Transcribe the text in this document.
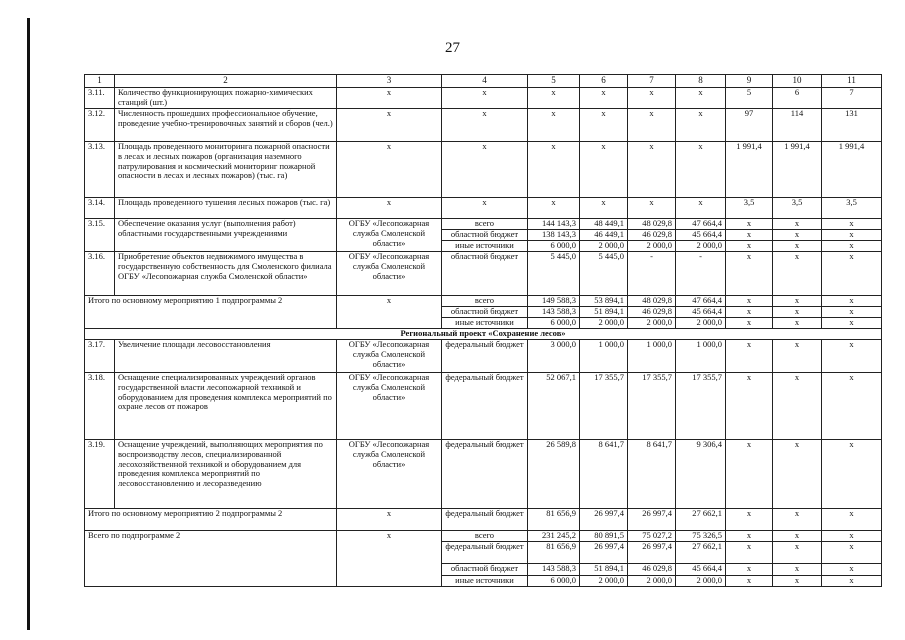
27
1	2	3	4	5	6	7	8	9	10	11
3.11.	Количество функционирующих пожарно-химических станций (шт.)	х	х	х	х	х	х	5	6	7
3.12.	Численность прошедших профессиональное обучение, проведение учебно-тренировочных занятий и сборов (чел.)	х	х	х	х	х	х	97	114	131
3.13.	Площадь проведенного мониторинга пожарной опасности в лесах и лесных пожаров (организация наземного патрулирования и космический мониторинг пожарной опасности в лесах и лесных пожаров) (тыс. га)	х	х	х	х	х	х	1 991,4	1 991,4	1 991,4
3.14.	Площадь проведенного тушения лесных пожаров (тыс. га)	х	х	х	х	х	х	3,5	3,5	3,5
3.15.	Обеспечение оказания услуг (выполнения работ) областными государственными учреждениями	ОГБУ «Лесопожарная служба Смоленской области»	всего	144 143,3	48 449,1	48 029,8	47 664,4	х	х	х
			областной бюджет	138 143,3	46 449,1	46 029,8	45 664,4	х	х	х
			иные источники	6 000,0	2 000,0	2 000,0	2 000,0	х	х	х
3.16.	Приобретение объектов недвижимого имущества в государственную собственность для Смоленского филиала ОГБУ «Лесопожарная служба Смоленской области»	ОГБУ «Лесопожарная служба Смоленской области»	областной бюджет	5 445,0	5 445,0	-	-	х	х	х
Итого по основному мероприятию 1 подпрограммы 2		х	всего	149 588,3	53 894,1	48 029,8	47 664,4	х	х	х
			областной бюджет	143 588,3	51 894,1	46 029,8	45 664,4	х	х	х
			иные источники	6 000,0	2 000,0	2 000,0	2 000,0	х	х	х
Региональный проект «Сохранение лесов»										
3.17.	Увеличение площади лесовосстановления	ОГБУ «Лесопожарная служба Смоленской области»	федеральный бюджет	3 000,0	1 000,0	1 000,0	1 000,0	х	х	х
3.18.	Оснащение специализированных учреждений органов государственной власти лесопожарной техникой и оборудованием для проведения комплекса мероприятий по охране лесов от пожаров	ОГБУ «Лесопожарная служба Смоленской области»	федеральный бюджет	52 067,1	17 355,7	17 355,7	17 355,7	х	х	х
3.19.	Оснащение учреждений, выполняющих мероприятия по воспроизводству лесов, специализированной лесохозяйственной техникой и оборудованием для проведения комплекса мероприятий по лесовосстановлению и лесоразведению	ОГБУ «Лесопожарная служба Смоленской области»	федеральный бюджет	26 589,8	8 641,7	8 641,7	9 306,4	х	х	х
Итого по основному мероприятию 2 подпрограммы 2		х	федеральный бюджет	81 656,9	26 997,4	26 997,4	27 662,1	х	х	х
Всего по подпрограмме 2		х	всего	231 245,2	80 891,5	75 027,2	75 326,5	х	х	х
			федеральный бюджет	81 656,9	26 997,4	26 997,4	27 662,1	х	х	х
			областной бюджет	143 588,3	51 894,1	46 029,8	45 664,4	х	х	х
			иные источники	6 000,0	2 000,0	2 000,0	2 000,0	х	х	х
